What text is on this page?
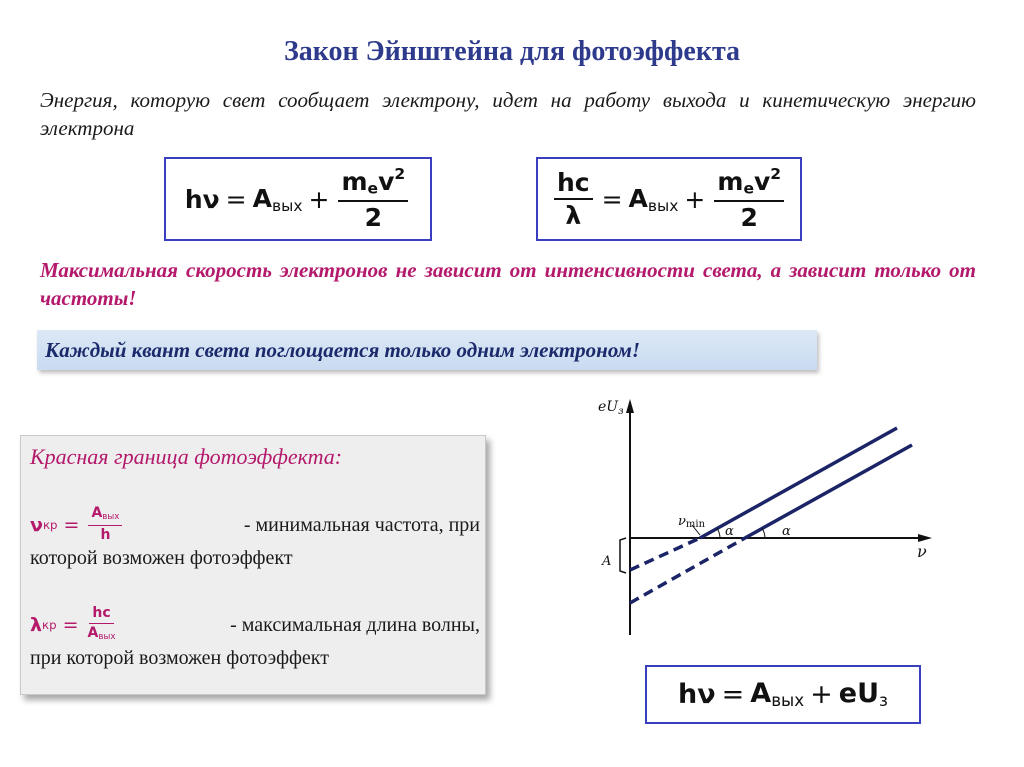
Закон Эйнштейна для фотоэффекта
Энергия, которую свет сообщает электрону, идет на работу выхода и кинетическую энергию электрона
$h\nu = A_{вых} + \frac{mev^2}{2}$	$\frac{hc}{\lambda} = A_{вых} + \frac{mev^2}{2}$
Максимальная скорость электронов не зависит от интенсивности света, а зависит только от частоты!
Каждый квант света поглощается только одним электроном!
Красная граница фотоэффекта:
ν кр = $\frac{A_{вых}}{h}$	- минимальная частота, при
которой возможен фотоэффект
λ кр = $\frac{hc}{A_{вых}}$	- максимальная длина волны,
при которой возможен фотоэффект
$eU_з$
ν
A
νmin α	α
$h\nu = A_{вых} + eU_з$
